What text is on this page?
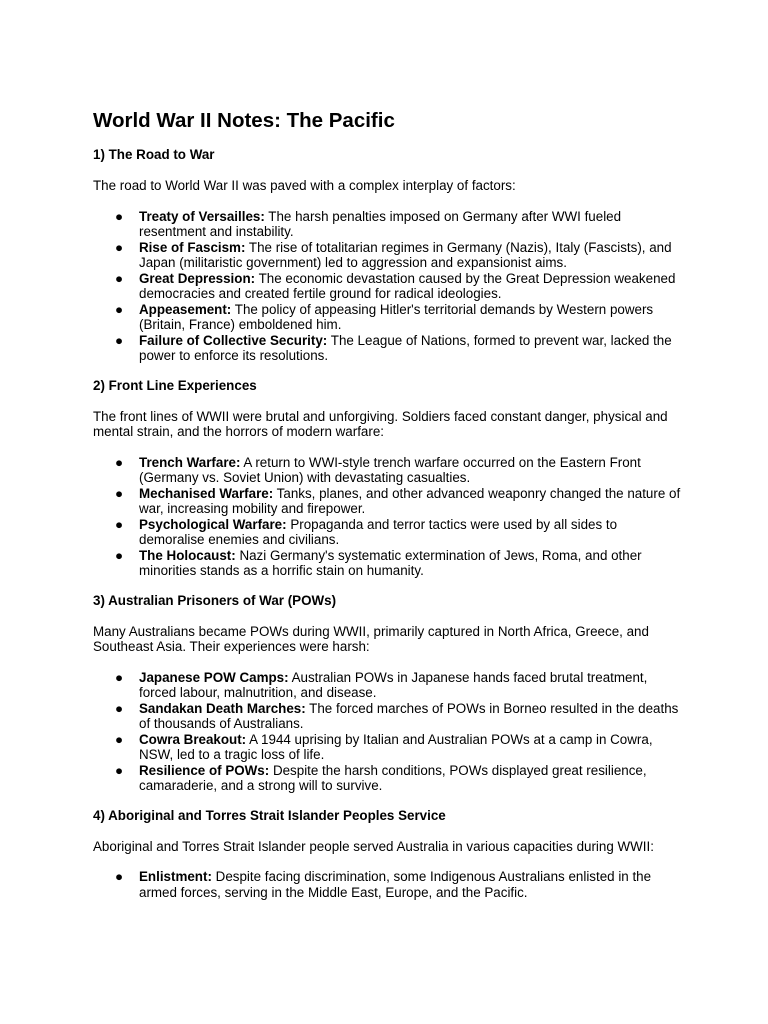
World War II Notes: The Pacific
1) The Road to War
The road to World War II was paved with a complex interplay of factors:
● Treaty of Versailles: The harsh penalties imposed on Germany after WWI fueled resentment and instability.
● Rise of Fascism: The rise of totalitarian regimes in Germany (Nazis), Italy (Fascists), and Japan (militaristic government) led to aggression and expansionist aims.
● Great Depression: The economic devastation caused by the Great Depression weakened democracies and created fertile ground for radical ideologies.
● Appeasement: The policy of appeasing Hitler's territorial demands by Western powers (Britain, France) emboldened him.
● Failure of Collective Security: The League of Nations, formed to prevent war, lacked the power to enforce its resolutions.
2) Front Line Experiences
The front lines of WWII were brutal and unforgiving. Soldiers faced constant danger, physical and mental strain, and the horrors of modern warfare:
● Trench Warfare: A return to WWI-style trench warfare occurred on the Eastern Front (Germany vs. Soviet Union) with devastating casualties.
● Mechanised Warfare: Tanks, planes, and other advanced weaponry changed the nature of war, increasing mobility and firepower.
● Psychological Warfare: Propaganda and terror tactics were used by all sides to demoralise enemies and civilians.
● The Holocaust: Nazi Germany's systematic extermination of Jews, Roma, and other minorities stands as a horrific stain on humanity.
3) Australian Prisoners of War (POWs)
Many Australians became POWs during WWII, primarily captured in North Africa, Greece, and Southeast Asia. Their experiences were harsh:
● Japanese POW Camps: Australian POWs in Japanese hands faced brutal treatment, forced labour, malnutrition, and disease.
● Sandakan Death Marches: The forced marches of POWs in Borneo resulted in the deaths of thousands of Australians.
● Cowra Breakout: A 1944 uprising by Italian and Australian POWs at a camp in Cowra, NSW, led to a tragic loss of life.
● Resilience of POWs: Despite the harsh conditions, POWs displayed great resilience, camaraderie, and a strong will to survive.
4) Aboriginal and Torres Strait Islander Peoples Service
Aboriginal and Torres Strait Islander people served Australia in various capacities during WWII:
● Enlistment: Despite facing discrimination, some Indigenous Australians enlisted in the armed forces, serving in the Middle East, Europe, and the Pacific.
